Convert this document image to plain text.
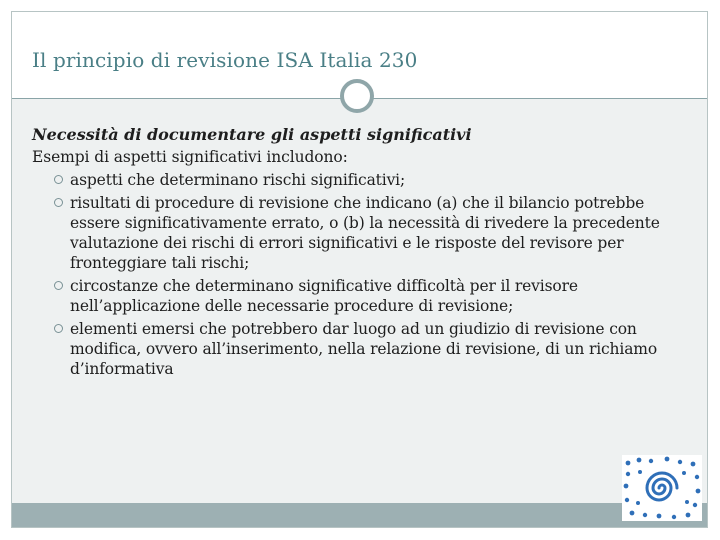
Il principio di revisione ISA Italia 230

Necessità di documentare gli aspetti significativi

Esempi di aspetti significativi includono:

aspetti che determinano rischi significativi;
risultati di procedure di revisione che indicano (a) che il bilancio potrebbe essere significativamente errato, o (b) la necessità di rivedere la precedente valutazione dei rischi di errori significativi e le risposte del revisore per fronteggiare tali rischi;
circostanze che determinano significative difficoltà per il revisore nell’applicazione delle necessarie procedure di revisione;
elementi emersi che potrebbero dar luogo ad un giudizio di revisione con modifica, ovvero all’inserimento, nella relazione di revisione, di un richiamo d’informativa
